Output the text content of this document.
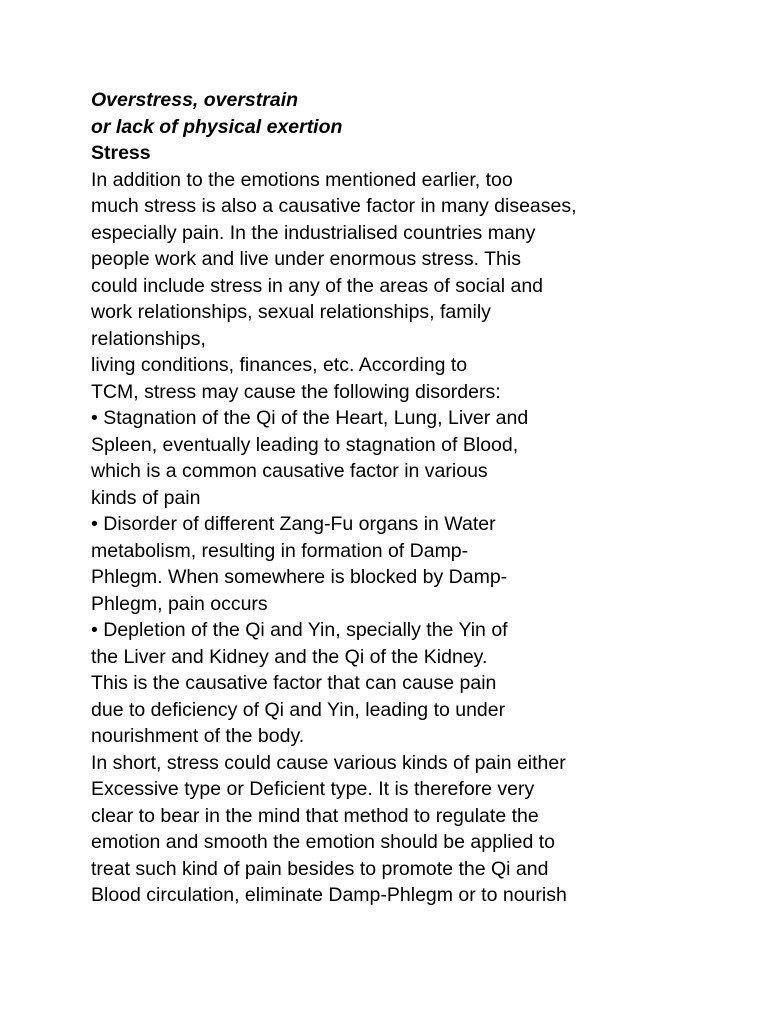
Overstress, overstrain
or lack of physical exertion
Stress
In addition to the emotions mentioned earlier, too
much stress is also a causative factor in many diseases,
especially pain. In the industrialised countries many
people work and live under enormous stress. This
could include stress in any of the areas of social and
work relationships, sexual relationships, family
relationships,
living conditions, finances, etc. According to
TCM, stress may cause the following disorders:
• Stagnation of the Qi of the Heart, Lung, Liver and
Spleen, eventually leading to stagnation of Blood,
which is a common causative factor in various
kinds of pain
• Disorder of different Zang-Fu organs in Water
metabolism, resulting in formation of Damp-
Phlegm. When somewhere is blocked by Damp-
Phlegm, pain occurs
• Depletion of the Qi and Yin, specially the Yin of
the Liver and Kidney and the Qi of the Kidney.
This is the causative factor that can cause pain
due to deficiency of Qi and Yin, leading to under
nourishment of the body.
In short, stress could cause various kinds of pain either
Excessive type or Deficient type. It is therefore very
clear to bear in the mind that method to regulate the
emotion and smooth the emotion should be applied to
treat such kind of pain besides to promote the Qi and
Blood circulation, eliminate Damp-Phlegm or to nourish
